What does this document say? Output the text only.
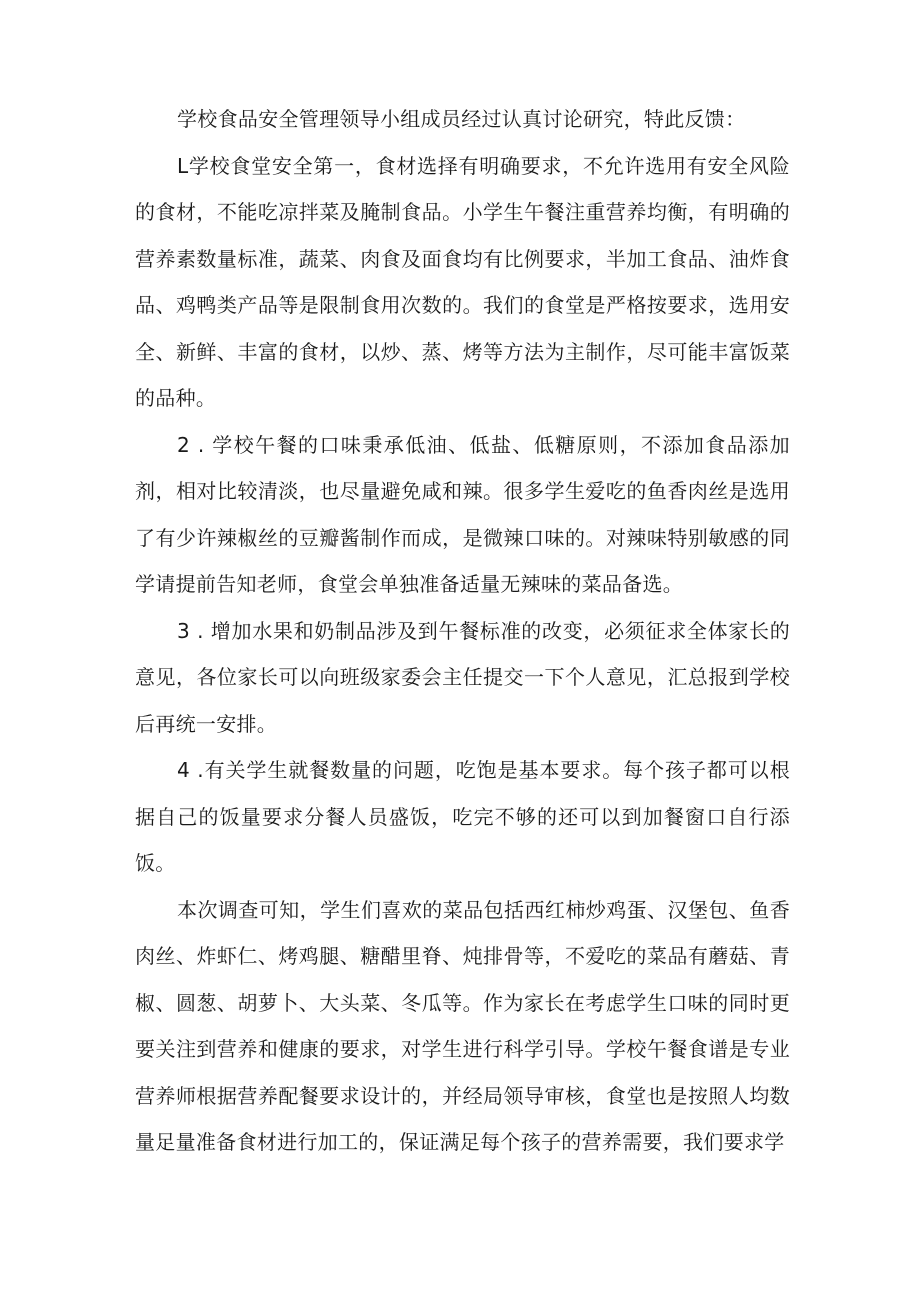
学校食品安全管理领导小组成员经过认真讨论研究，特此反馈：

L学校食堂安全第一，食材选择有明确要求，不允许选用有安全风险的食材，不能吃凉拌菜及腌制食品。小学生午餐注重营养均衡，有明确的营养素数量标准，蔬菜、肉食及面食均有比例要求，半加工食品、油炸食品、鸡鸭类产品等是限制食用次数的。我们的食堂是严格按要求，选用安全、新鲜、丰富的食材，以炒、蒸、烤等方法为主制作，尽可能丰富饭菜的品种。

2 . 学校午餐的口味秉承低油、低盐、低糖原则，不添加食品添加剂，相对比较清淡，也尽量避免咸和辣。很多学生爱吃的鱼香肉丝是选用了有少许辣椒丝的豆瓣酱制作而成，是微辣口味的。对辣味特别敏感的同学请提前告知老师，食堂会单独准备适量无辣味的菜品备选。

3 . 增加水果和奶制品涉及到午餐标准的改变，必须征求全体家长的意见，各位家长可以向班级家委会主任提交一下个人意见，汇总报到学校后再统一安排。

4 .有关学生就餐数量的问题，吃饱是基本要求。每个孩子都可以根据自己的饭量要求分餐人员盛饭，吃完不够的还可以到加餐窗口自行添饭。

本次调查可知，学生们喜欢的菜品包括西红柿炒鸡蛋、汉堡包、鱼香肉丝、炸虾仁、烤鸡腿、糖醋里脊、炖排骨等，不爱吃的菜品有蘑菇、青椒、圆葱、胡萝卜、大头菜、冬瓜等。作为家长在考虑学生口味的同时更要关注到营养和健康的要求，对学生进行科学引导。学校午餐食谱是专业营养师根据营养配餐要求设计的，并经局领导审核，食堂也是按照人均数量足量准备食材进行加工的，保证满足每个孩子的营养需要，我们要求学
